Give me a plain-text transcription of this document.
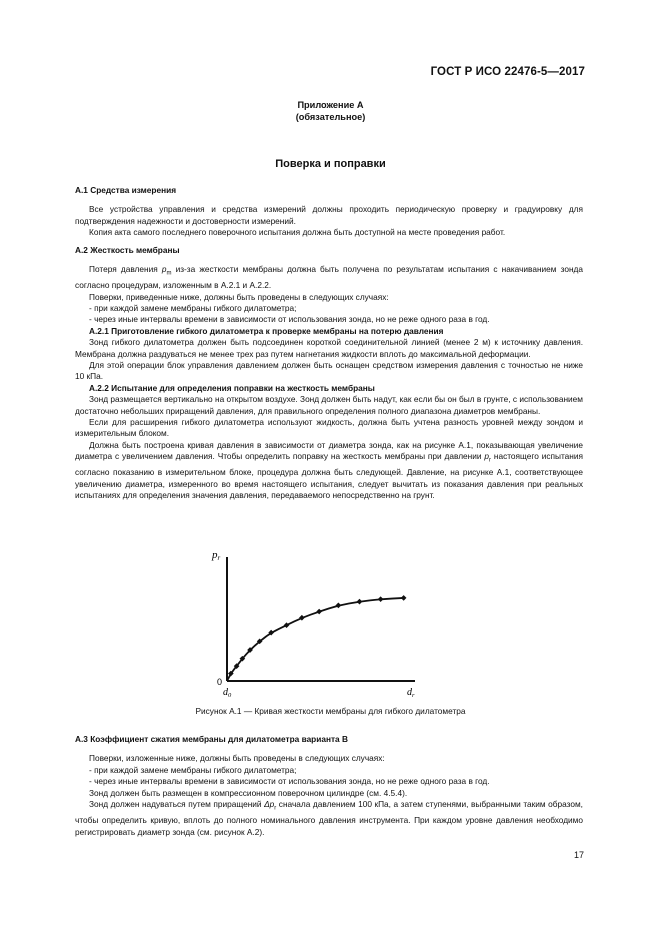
ГОСТ Р ИСО 22476-5—2017
Приложение А
(обязательное)
Поверка и поправки

А.1 Средства измерения

Все устройства управления и средства измерений должны проходить периодическую проверку и градуировку для подтверждения надежности и достоверности измерений.

Копия акта самого последнего поверочного испытания должна быть доступной на месте проведения работ.

А.2 Жесткость мембраны

Потеря давления $p_m$ из-за жесткости мембраны должна быть получена по результатам испытания с накачиванием зонда согласно процедурам, изложенным в А.2.1 и А.2.2.

Поверки, приведенные ниже, должны быть проведены в следующих случаях:

- при каждой замене мембраны гибкого дилатометра;

- через иные интервалы времени в зависимости от использования зонда, но не реже одного раза в год.

А.2.1 Приготовление гибкого дилатометра к проверке мембраны на потерю давления

Зонд гибкого дилатометра должен быть подсоединен короткой соединительной линией (менее 2 м) к источнику давления. Мембрана должна раздуваться не менее трех раз путем нагнетания жидкости вплоть до максимальной деформации.

Для этой операции блок управления давлением должен быть оснащен средством измерения давления с точностью не ниже 10 кПа.

А.2.2 Испытание для определения поправки на жесткость мембраны

Зонд размещается вертикально на открытом воздухе. Зонд должен быть надут, как если бы он был в грунте, с использованием достаточно небольших приращений давления, для правильного определения полного диапазона диаметров мембраны.

Если для расширения гибкого дилатометра используют жидкость, должна быть учтена разность уровней между зондом и измерительным блоком.

Должна быть построена кривая давления в зависимости от диаметра зонда, как на рисунке А.1, показывающая увеличение диаметра с увеличением давления. Чтобы определить поправку на жесткость мембраны при давлении $p_r$ настоящего испытания согласно показанию в измерительном блоке, процедура должна быть следующей. Давление, на рисунке А.1, соответствующее увеличению диаметра, измеренного во время настоящего испытания, следует вычитать из показания давления при реальных испытаниях для определения значения давления, передаваемого непосредственно на грунт.

pr
0
$d_0$	$d_r$
Рисунок А.1 — Кривая жесткости мембраны для гибкого дилатометра

А.3 Коэффициент сжатия мембраны для дилатометра варианта В

Поверки, изложенные ниже, должны быть проведены в следующих случаях:

- при каждой замене мембраны гибкого дилатометра;

- через иные интервалы времени в зависимости от использования зонда, но не реже одного раза в год.

Зонд должен быть размещен в компрессионном поверочном цилиндре (см. 4.5.4).

Зонд должен надуваться путем приращений $\Delta p_r$ сначала давлением 100 кПа, а затем ступенями, выбранными таким образом, чтобы определить кривую, вплоть до полного номинального давления инструмента. При каждом уровне давления необходимо регистрировать диаметр зонда (см. рисунок А.2).

17
